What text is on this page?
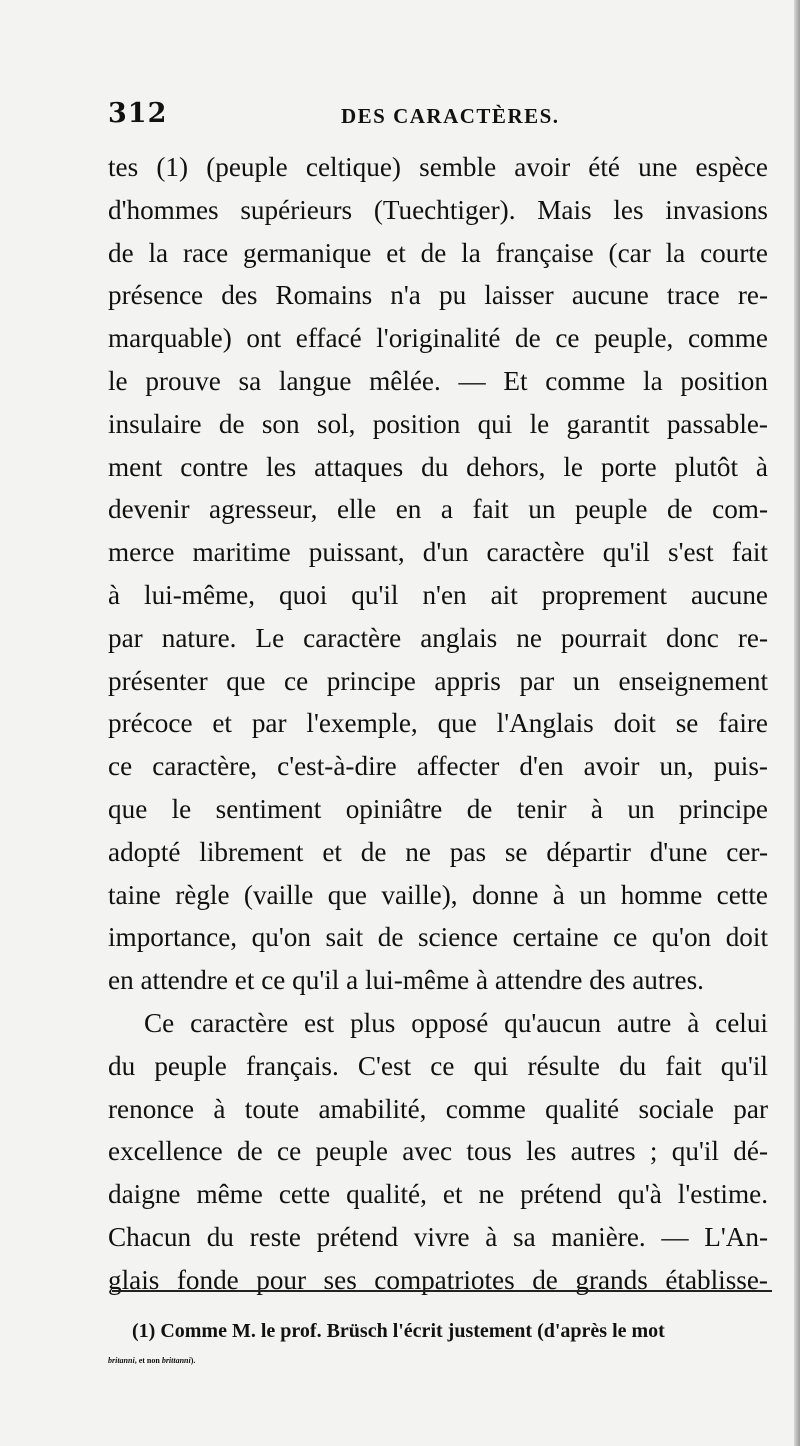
312	DES CARACTÈRES.
tes (1) (peuple celtique) semble avoir été une espèce
d'hommes supérieurs (Tuechtiger). Mais les invasions
de la race germanique et de la française (car la courte
présence des Romains n'a pu laisser aucune trace re-
marquable) ont effacé l'originalité de ce peuple, comme
le prouve sa langue mêlée. — Et comme la position
insulaire de son sol, position qui le garantit passable-
ment contre les attaques du dehors, le porte plutôt à
devenir agresseur, elle en a fait un peuple de com-
merce maritime puissant, d'un caractère qu'il s'est fait
à lui-même, quoi qu'il n'en ait proprement aucune
par nature. Le caractère anglais ne pourrait donc re-
présenter que ce principe appris par un enseignement
précoce et par l'exemple, que l'Anglais doit se faire
ce caractère, c'est-à-dire affecter d'en avoir un, puis-
que le sentiment opiniâtre de tenir à un principe
adopté librement et de ne pas se départir d'une cer-
taine règle (vaille que vaille), donne à un homme cette
importance, qu'on sait de science certaine ce qu'on doit
en attendre et ce qu'il a lui-même à attendre des autres.
Ce caractère est plus opposé qu'aucun autre à celui
du peuple français. C'est ce qui résulte du fait qu'il
renonce à toute amabilité, comme qualité sociale par
excellence de ce peuple avec tous les autres ; qu'il dé-
daigne même cette qualité, et ne prétend qu'à l'estime.
Chacun du reste prétend vivre à sa manière. — L'An-
glais fonde pour ses compatriotes de grands établisse-
(1) Comme M. le prof. Brüsch l'écrit justement (d'après le mot
britanni, et non brittanni).
